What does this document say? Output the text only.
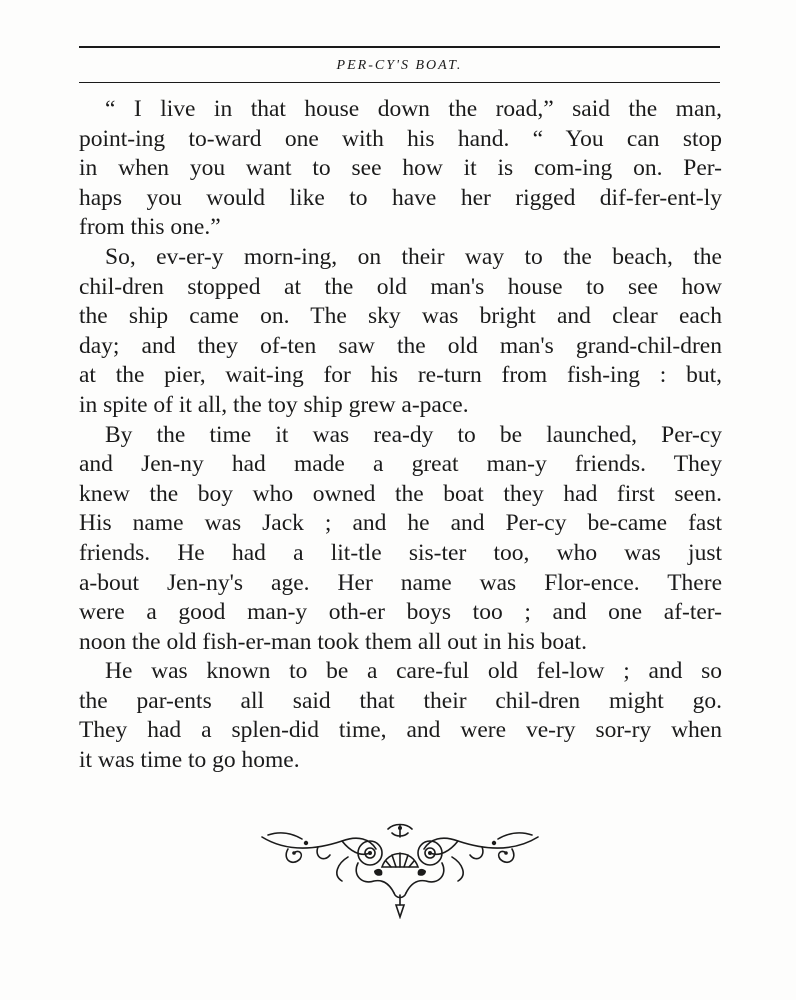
PER-CY'S BOAT.

“ I live in that house down the road,” said the man,
point-ing to-ward one with his hand. “ You can stop
in when you want to see how it is com-ing on. Per-
haps you would like to have her rigged dif-fer-ent-ly
from this one.”

So, ev-er-y morn-ing, on their way to the beach, the
chil-dren stopped at the old man's house to see how
the ship came on. The sky was bright and clear each
day; and they of-ten saw the old man's grand-chil-dren
at the pier, wait-ing for his re-turn from fish-ing : but,
in spite of it all, the toy ship grew a-pace.

By the time it was rea-dy to be launched, Per-cy
and Jen-ny had made a great man-y friends. They
knew the boy who owned the boat they had first seen.
His name was Jack ; and he and Per-cy be-came fast
friends. He had a lit-tle sis-ter too, who was just
a-bout Jen-ny's age. Her name was Flor-ence. There
were a good man-y oth-er boys too ; and one af-ter-
noon the old fish-er-man took them all out in his boat.

He was known to be a care-ful old fel-low ; and so
the par-ents all said that their chil-dren might go.
They had a splen-did time, and were ve-ry sor-ry when
it was time to go home.
